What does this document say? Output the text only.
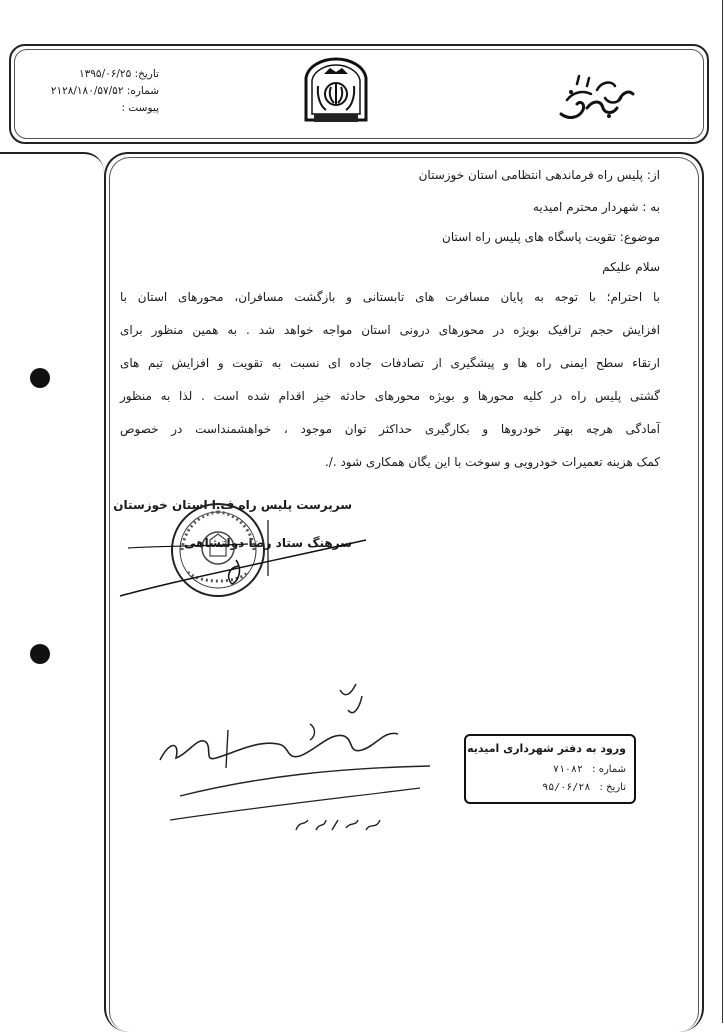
تاریخ: ۱۳۹۵/۰۶/۲۵
شماره: ۲۱۲۸/۱۸۰/۵۷/۵۲
پیوست :
از: پلیس راه فرماندهی انتظامی استان خوزستان
به : شهردار محترم امیدیه
موضوع: تقویت پاسگاه های پلیس راه استان
سلام علیکم
با احترام؛ با توجه به پایان مسافرت های تابستانی و بازگشت مسافران، محورهای استان با
افزایش حجم ترافیک بویژه در محورهای درونی استان مواجه خواهد شد . به همین منظور برای
ارتقاء سطح ایمنی راه ها و پیشگیری از تصادفات جاده ای نسبت به تقویت و افزایش تیم های
گشتی پلیس راه در کلیه محورها و بویژه محورهای حادثه خیز اقدام شده است . لذا به منظور
آمادگی هرچه بهتر خودروها و بکارگیری حداکثر توان موجود ، خواهشمنداست در خصوص
کمک هزینه تعمیرات خودرویی و سوخت با این یگان همکاری شود ./.
سرپرست پلیس راه ف.ا استان خوزستان
سرهنگ ستاد رضا دولتشاهی
ورود به دفتر شهرداری امیدیه
شماره : ۷۱۰۸۲
تاریخ : ۹۵/۰۶/۲۸
